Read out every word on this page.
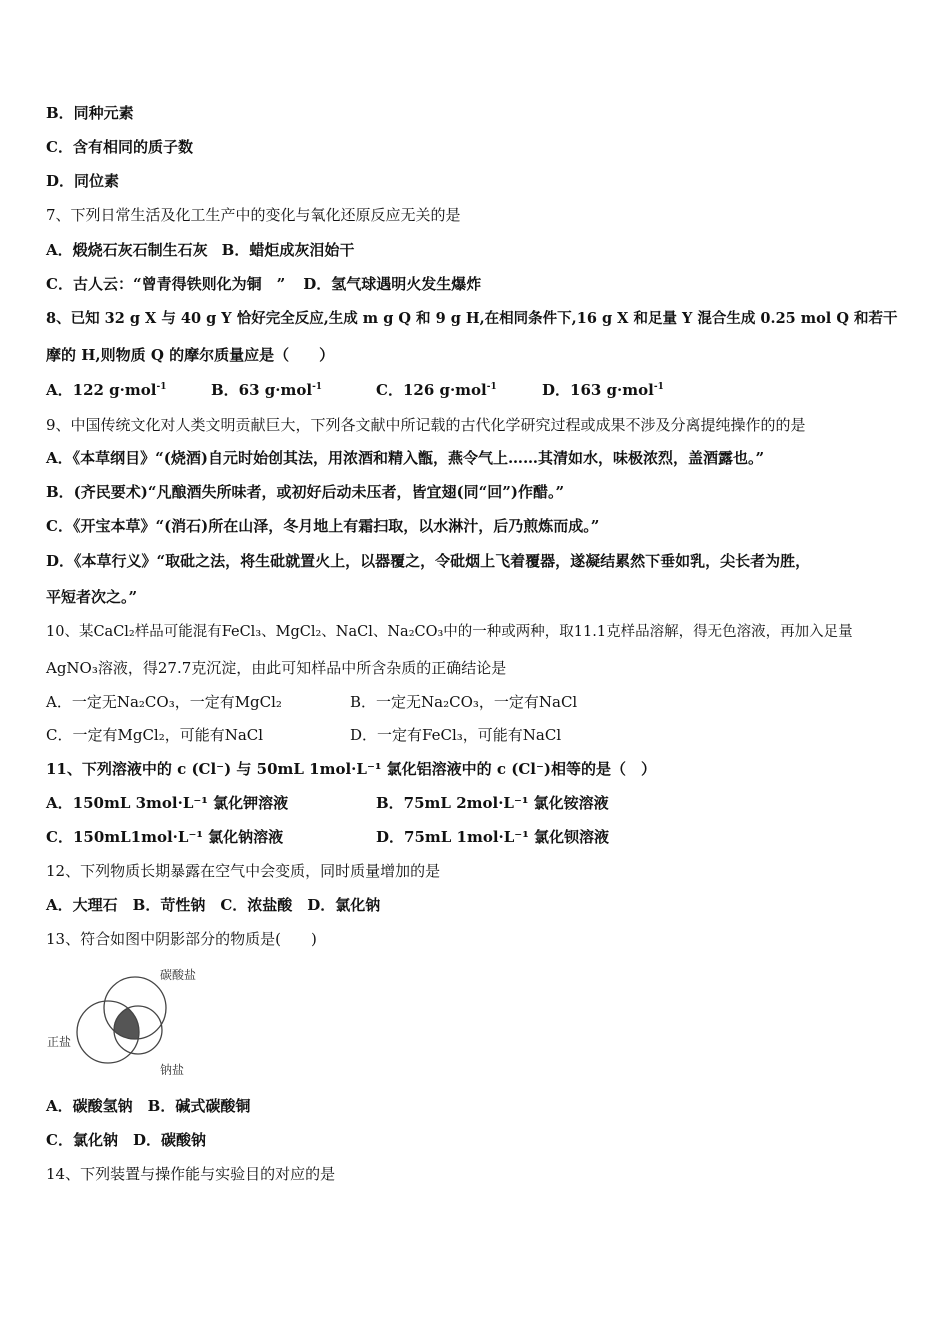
B．同种元素
C．含有相同的质子数
D．同位素
7、下列日常生活及化工生产中的变化与氧化还原反应无关的是
A．煅烧石灰石制生石灰 B．蜡炬成灰泪始干
C．古人云：“曾青得铁则化为铜　” D．氢气球遇明火发生爆炸
8、已知 32 g X 与 40 g Y 恰好完全反应,生成 m g Q 和 9 g H,在相同条件下,16 g X 和足量 Y 混合生成 0.25 mol Q 和若干
摩的 H,则物质 Q 的摩尔质量应是（　　）
A．122 g·mol$^{-1}$	B．63 g·mol$^{-1}$	C．126 g·mol$^{-1}$	D．163 g·mol$^{-1}$
9、中国传统文化对人类文明贡献巨大，下列各文献中所记载的古代化学研究过程或成果不涉及分离提纯操作的的是
A．《本草纲目》“(烧酒)自元时始创其法，用浓酒和精入甑，燕令气上……其清如水，味极浓烈，盖酒露也。”
B．(齐民要术)“凡酿酒失所味者，或初好后动未压者，皆宜翅(同“回”)作醋。”
C．《开宝本草》“(消石)所在山泽，冬月地上有霜扫取，以水淋汁，后乃煎炼而成。”
D．《本草行义》“取砒之法，将生砒就置火上，以器覆之，令砒烟上飞着覆器，遂凝结累然下垂如乳，尖长者为胜，
平短者次之。”
10、某CaCl₂样品可能混有FeCl₃、MgCl₂、NaCl、Na₂CO₃中的一种或两种，取11.1克样品溶解，得无色溶液，再加入足量
AgNO₃溶液，得27.7克沉淀，由此可知样品中所含杂质的正确结论是
A．一定无Na₂CO₃，一定有MgCl₂	B．一定无Na₂CO₃，一定有NaCl
C．一定有MgCl₂，可能有NaCl	D．一定有FeCl₃，可能有NaCl
11、下列溶液中的 c (Cl⁻) 与 50mL 1mol·L⁻¹ 氯化铝溶液中的 c (Cl⁻)相等的是（　）
A．150mL 3mol·L⁻¹ 氯化钾溶液	B．75mL 2mol·L⁻¹ 氯化铵溶液
C．150mL1mol·L⁻¹ 氯化钠溶液	D．75mL 1mol·L⁻¹ 氯化钡溶液
12、下列物质长期暴露在空气中会变质，同时质量增加的是
A．大理石　B．苛性钠　C．浓盐酸　D．氯化钠
13、符合如图中阴影部分的物质是(　　)
碳酸盐
正盐
钠盐
A．碳酸氢钠　B．碱式碳酸铜
C．氯化钠　D．碳酸钠
14、下列装置与操作能与实验目的对应的是
